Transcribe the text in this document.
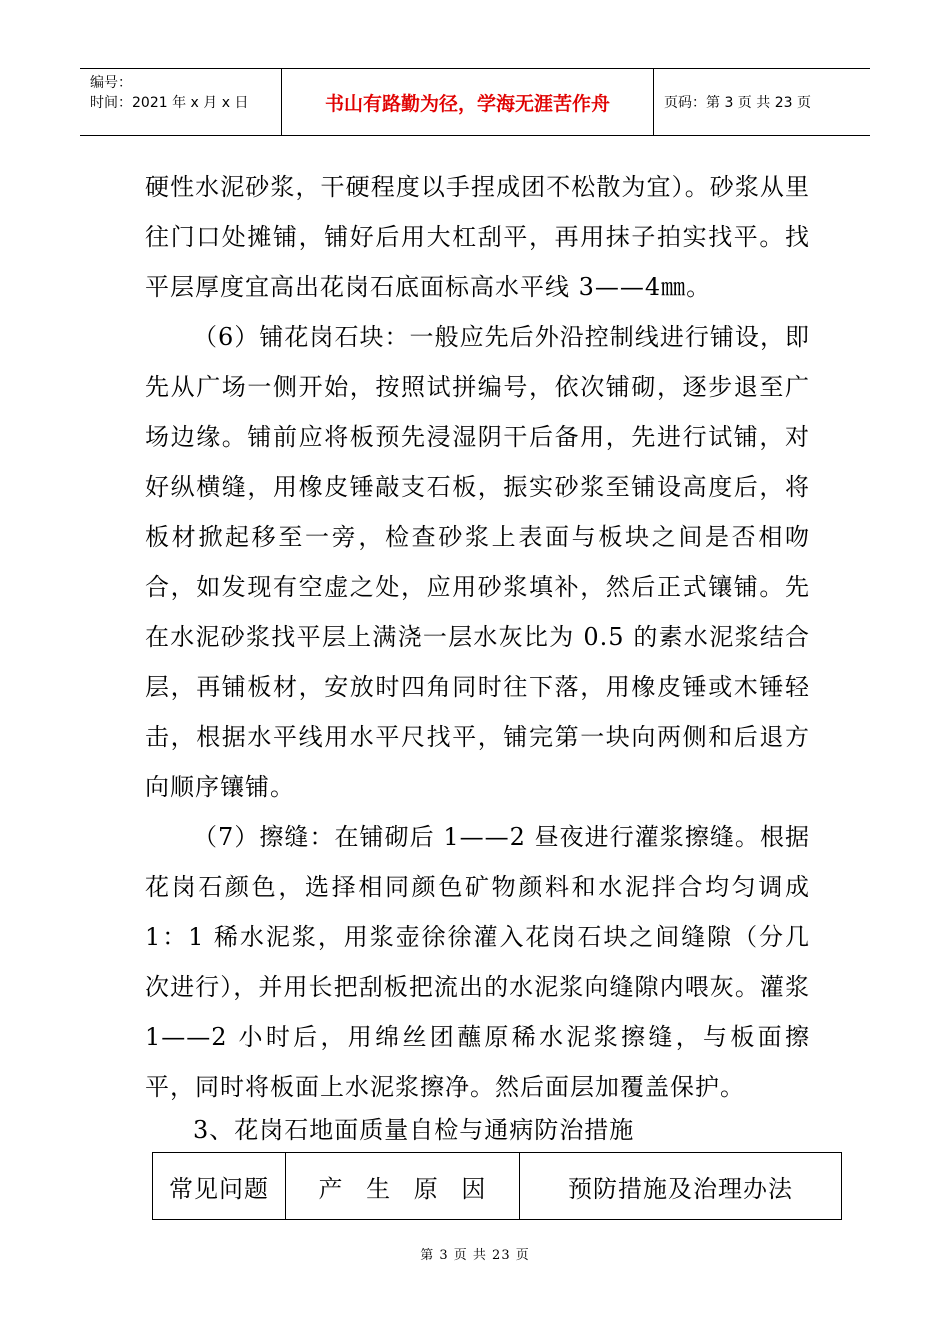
编号：
时间：2021 年 x 月 x 日	书山有路勤为径，学海无涯苦作舟	页码：第 3 页 共 23 页

硬性水泥砂浆，干硬程度以手捏成团不松散为宜）。砂浆从里往门口处摊铺，铺好后用大杠刮平，再用抹子拍实找平。找平层厚度宜高出花岗石底面标高水平线 3——4㎜。

（6）铺花岗石块：一般应先后外沿控制线进行铺设，即先从广场一侧开始，按照试拼编号，依次铺砌，逐步退至广场边缘。铺前应将板预先浸湿阴干后备用，先进行试铺，对好纵横缝，用橡皮锤敲支石板，振实砂浆至铺设高度后，将板材掀起移至一旁，检查砂浆上表面与板块之间是否相吻合，如发现有空虚之处，应用砂浆填补，然后正式镶铺。先在水泥砂浆找平层上满浇一层水灰比为 0.5 的素水泥浆结合层，再铺板材，安放时四角同时往下落，用橡皮锤或木锤轻击，根据水平线用水平尺找平，铺完第一块向两侧和后退方向顺序镶铺。

（7）擦缝：在铺砌后 1——2 昼夜进行灌浆擦缝。根据花岗石颜色，选择相同颜色矿物颜料和水泥拌合均匀调成 1：1 稀水泥浆，用浆壶徐徐灌入花岗石块之间缝隙（分几次进行），并用长把刮板把流出的水泥浆向缝隙内喂灰。灌浆 1——2 小时后，用绵丝团蘸原稀水泥浆擦缝，与板面擦平，同时将板面上水泥浆擦净。然后面层加覆盖保护。

3、花岗石地面质量自检与通病防治措施
常见问题	产 生 原 因	预防措施及治理办法
第 3 页 共 23 页
